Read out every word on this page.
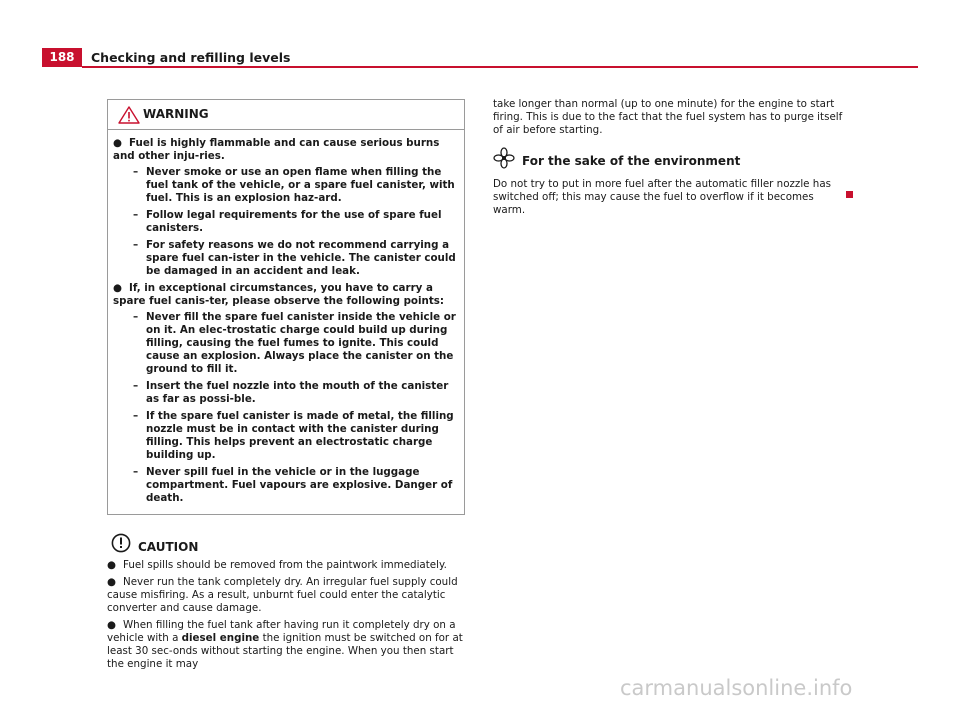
188	Checking and refilling levels
WARNING
● Fuel is highly flammable and can cause serious burns and other inju-ries.
– Never smoke or use an open flame when filling the fuel tank of the vehicle, or a spare fuel canister, with fuel. This is an explosion haz-ard.
– Follow legal requirements for the use of spare fuel canisters.
– For safety reasons we do not recommend carrying a spare fuel can-ister in the vehicle. The canister could be damaged in an accident and leak.
● If, in exceptional circumstances, you have to carry a spare fuel canis-ter, please observe the following points:
– Never fill the spare fuel canister inside the vehicle or on it. An elec-trostatic charge could build up during filling, causing the fuel fumes to ignite. This could cause an explosion. Always place the canister on the ground to fill it.
– Insert the fuel nozzle into the mouth of the canister as far as possi-ble.
– If the spare fuel canister is made of metal, the filling nozzle must be in contact with the canister during filling. This helps prevent an electrostatic charge building up.
– Never spill fuel in the vehicle or in the luggage compartment. Fuel vapours are explosive. Danger of death.
CAUTION
● Fuel spills should be removed from the paintwork immediately.
● Never run the tank completely dry. An irregular fuel supply could cause misfiring. As a result, unburnt fuel could enter the catalytic converter and cause damage.
● When filling the fuel tank after having run it completely dry on a vehicle with a diesel engine the ignition must be switched on for at least 30 sec-onds without starting the engine. When you then start the engine it may
take longer than normal (up to one minute) for the engine to start firing. This is due to the fact that the fuel system has to purge itself of air before starting.
For the sake of the environment
Do not try to put in more fuel after the automatic filler nozzle has switched off; this may cause the fuel to overflow if it becomes warm.
carmanualsonline.info
